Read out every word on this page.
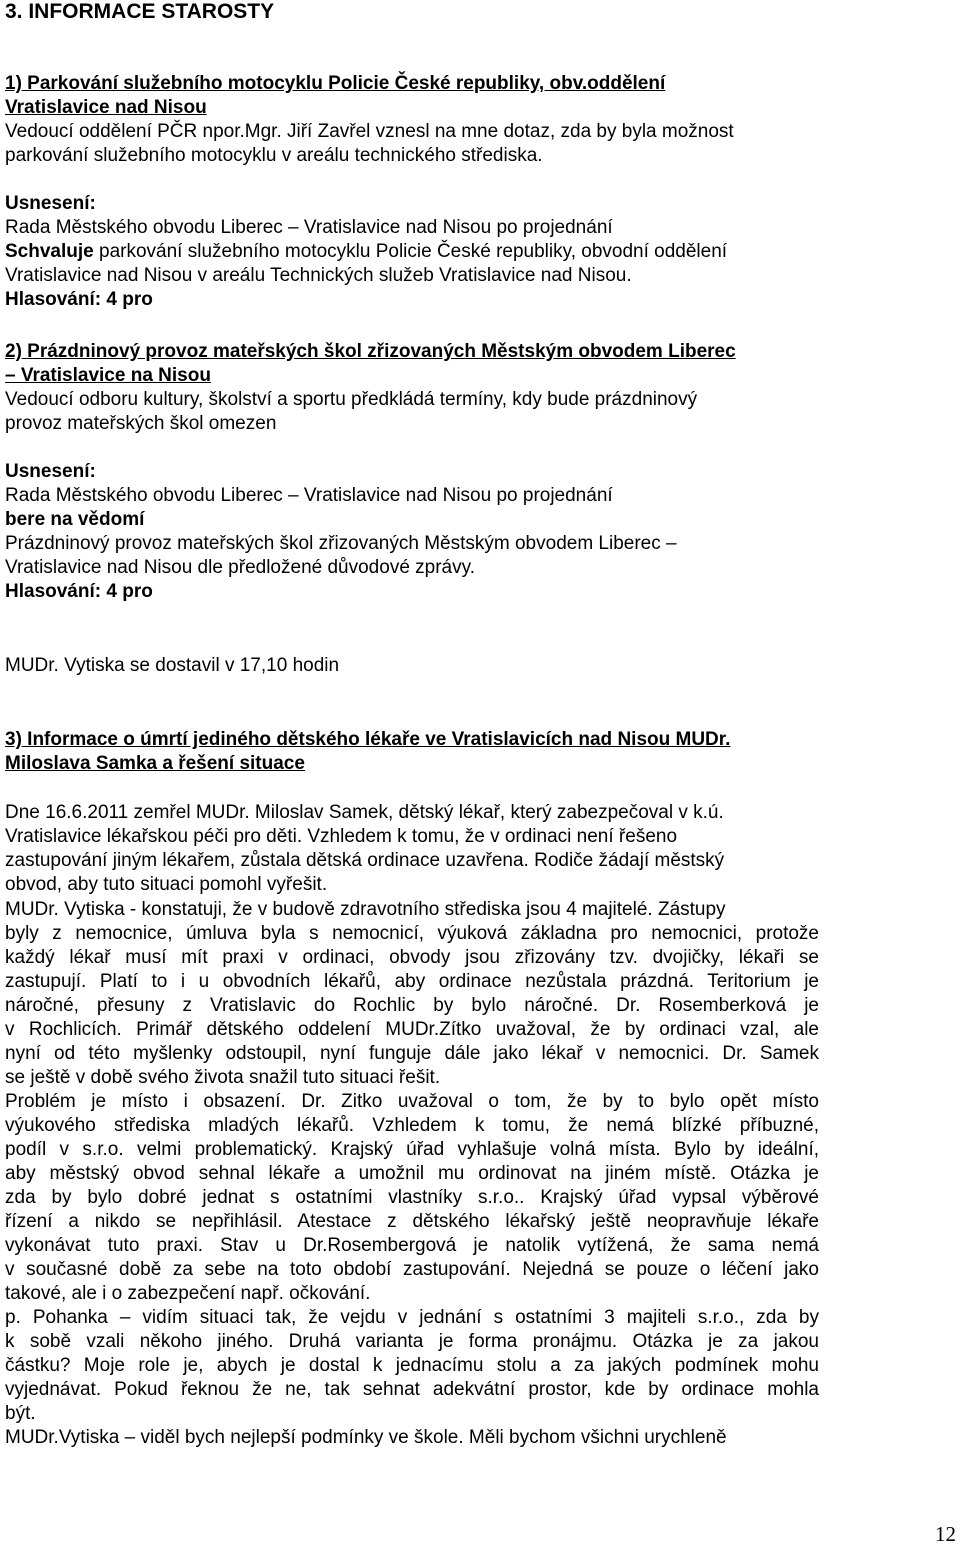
3. INFORMACE STAROSTY
1) Parkování služebního motocyklu Policie České republiky, obv.oddělení
Vratislavice nad Nisou
Vedoucí oddělení PČR npor.Mgr. Jiří Zavřel vznesl na mne dotaz, zda by byla možnost
parkování služebního motocyklu v areálu technického střediska.
Usnesení:
Rada Městského obvodu Liberec – Vratislavice nad Nisou po projednání
Schvaluje parkování služebního motocyklu Policie České republiky, obvodní oddělení
Vratislavice nad Nisou v areálu Technických služeb Vratislavice nad Nisou.
Hlasování: 4 pro
2) Prázdninový provoz mateřských škol zřizovaných Městským obvodem Liberec
– Vratislavice na Nisou
Vedoucí odboru kultury, školství a sportu předkládá termíny, kdy bude prázdninový
provoz mateřských škol omezen
Usnesení:
Rada Městského obvodu Liberec – Vratislavice nad Nisou po projednání
bere na vědomí
Prázdninový provoz mateřských škol zřizovaných Městským obvodem Liberec –
Vratislavice nad Nisou dle předložené důvodové zprávy.
Hlasování: 4 pro
MUDr. Vytiska se dostavil v 17,10 hodin
3) Informace o úmrtí jediného dětského lékaře ve Vratislavicích nad Nisou MUDr.
Miloslava Samka a řešení situace
Dne 16.6.2011 zemřel MUDr. Miloslav Samek, dětský lékař, který zabezpečoval v k.ú.
Vratislavice lékařskou péči pro děti. Vzhledem k tomu, že v ordinaci není řešeno
zastupování jiným lékařem, zůstala dětská ordinace uzavřena. Rodiče žádají městský
obvod, aby tuto situaci pomohl vyřešit.
MUDr. Vytiska - konstatuji, že v budově zdravotního střediska jsou 4 majitelé. Zástupy
byly z nemocnice, úmluva byla s nemocnicí, výuková základna pro nemocnici, protože
každý lékař musí mít praxi v ordinaci, obvody jsou zřizovány tzv. dvojičky, lékaři se
zastupují. Platí to i u obvodních lékařů, aby ordinace nezůstala prázdná. Teritorium je
náročné, přesuny z Vratislavic do Rochlic by bylo náročné. Dr. Rosemberková je
v Rochlicích. Primář dětského oddelení MUDr.Zítko uvažoval, že by ordinaci vzal, ale
nyní od této myšlenky odstoupil, nyní funguje dále jako lékař v nemocnici. Dr. Samek
se ještě v době svého života snažil tuto situaci řešit.
Problém je místo i obsazení. Dr. Zitko uvažoval o tom, že by to bylo opět místo
výukového střediska mladých lékařů. Vzhledem k tomu, že nemá blízké příbuzné,
podíl v s.r.o. velmi problematický. Krajský úřad vyhlašuje volná místa. Bylo by ideální,
aby městský obvod sehnal lékaře a umožnil mu ordinovat na jiném místě. Otázka je
zda by bylo dobré jednat s ostatními vlastníky s.r.o.. Krajský úřad vypsal výběrové
řízení a nikdo se nepřihlásil. Atestace z dětského lékařský ještě neopravňuje lékaře
vykonávat tuto praxi. Stav u Dr.Rosembergová je natolik vytížená, že sama nemá
v současné době za sebe na toto období zastupování. Nejedná se pouze o léčení jako
takové, ale i o zabezpečení např. očkování.
p. Pohanka – vidím situaci tak, že vejdu v jednání s ostatními 3 majiteli s.r.o., zda by
k sobě vzali někoho jiného. Druhá varianta je forma pronájmu. Otázka je za jakou
částku? Moje role je, abych je dostal k jednacímu stolu a za jakých podmínek mohu
vyjednávat. Pokud řeknou že ne, tak sehnat adekvátní prostor, kde by ordinace mohla
být.
MUDr.Vytiska – viděl bych nejlepší podmínky ve škole. Měli bychom všichni urychleně
12
